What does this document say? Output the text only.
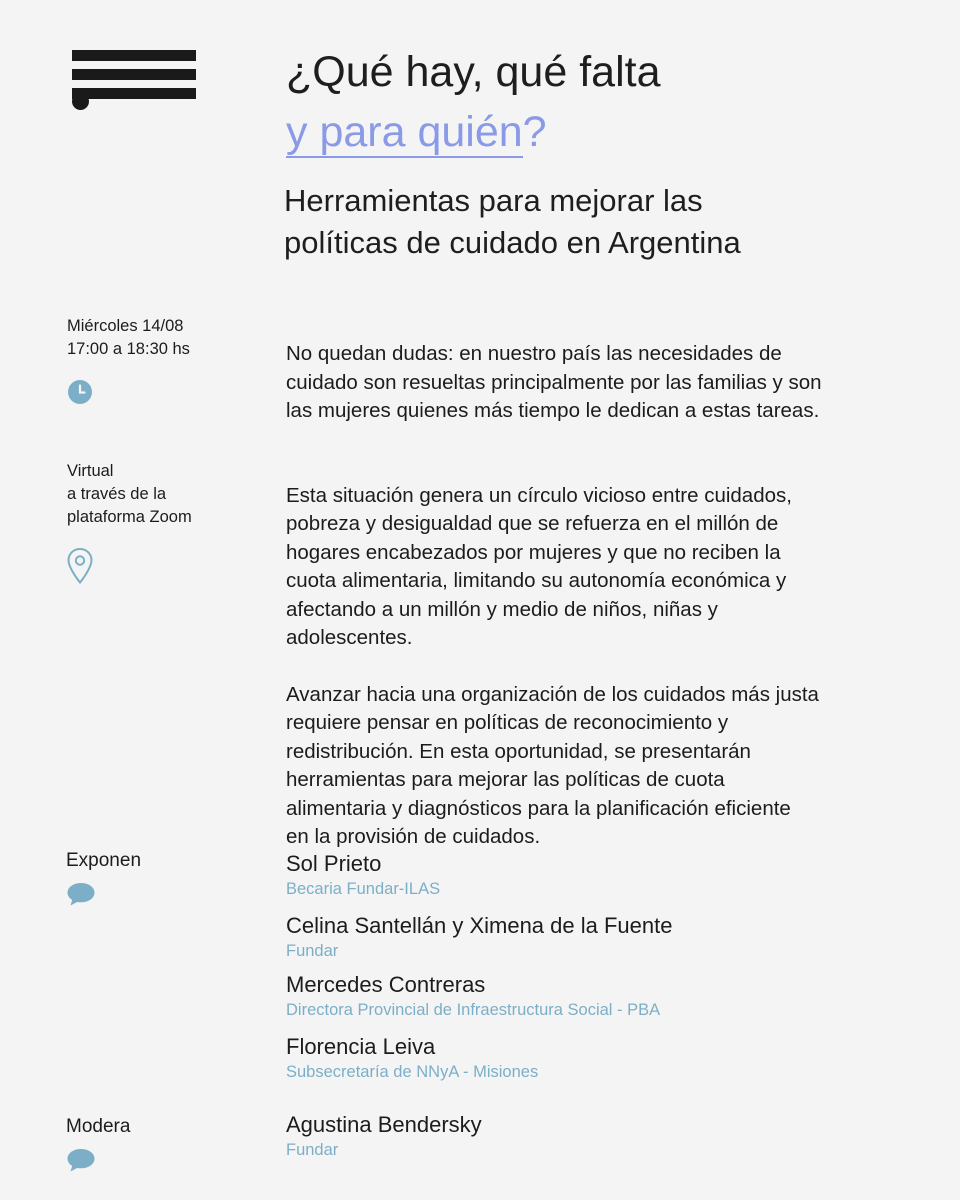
¿Qué hay, qué falta
y para quién?
Herramientas para mejorar las
políticas de cuidado en Argentina
Miércoles 14/08
17:00 a 18:30 hs
Virtual
a través de la
plataforma Zoom

No quedan dudas: en nuestro país las necesidades de
cuidado son resueltas principalmente por las familias y son
las mujeres quienes más tiempo le dedican a estas tareas.

Esta situación genera un círculo vicioso entre cuidados,
pobreza y desigualdad que se refuerza en el millón de
hogares encabezados por mujeres y que no reciben la
cuota alimentaria, limitando su autonomía económica y
afectando a un millón y medio de niños, niñas y
adolescentes.
Avanzar hacia una organización de los cuidados más justa
requiere pensar en políticas de reconocimiento y
redistribución. En esta oportunidad, se presentarán
herramientas para mejorar las políticas de cuota
alimentaria y diagnósticos para la planificación eficiente
en la provisión de cuidados.
Exponen	Sol Prieto
Becaria Fundar-ILAS
Celina Santellán y Ximena de la Fuente
Fundar
Mercedes Contreras
Directora Provincial de Infraestructura Social - PBA
Florencia Leiva
Subsecretaría de NNyA - Misiones
Modera	Agustina Bendersky
Fundar
